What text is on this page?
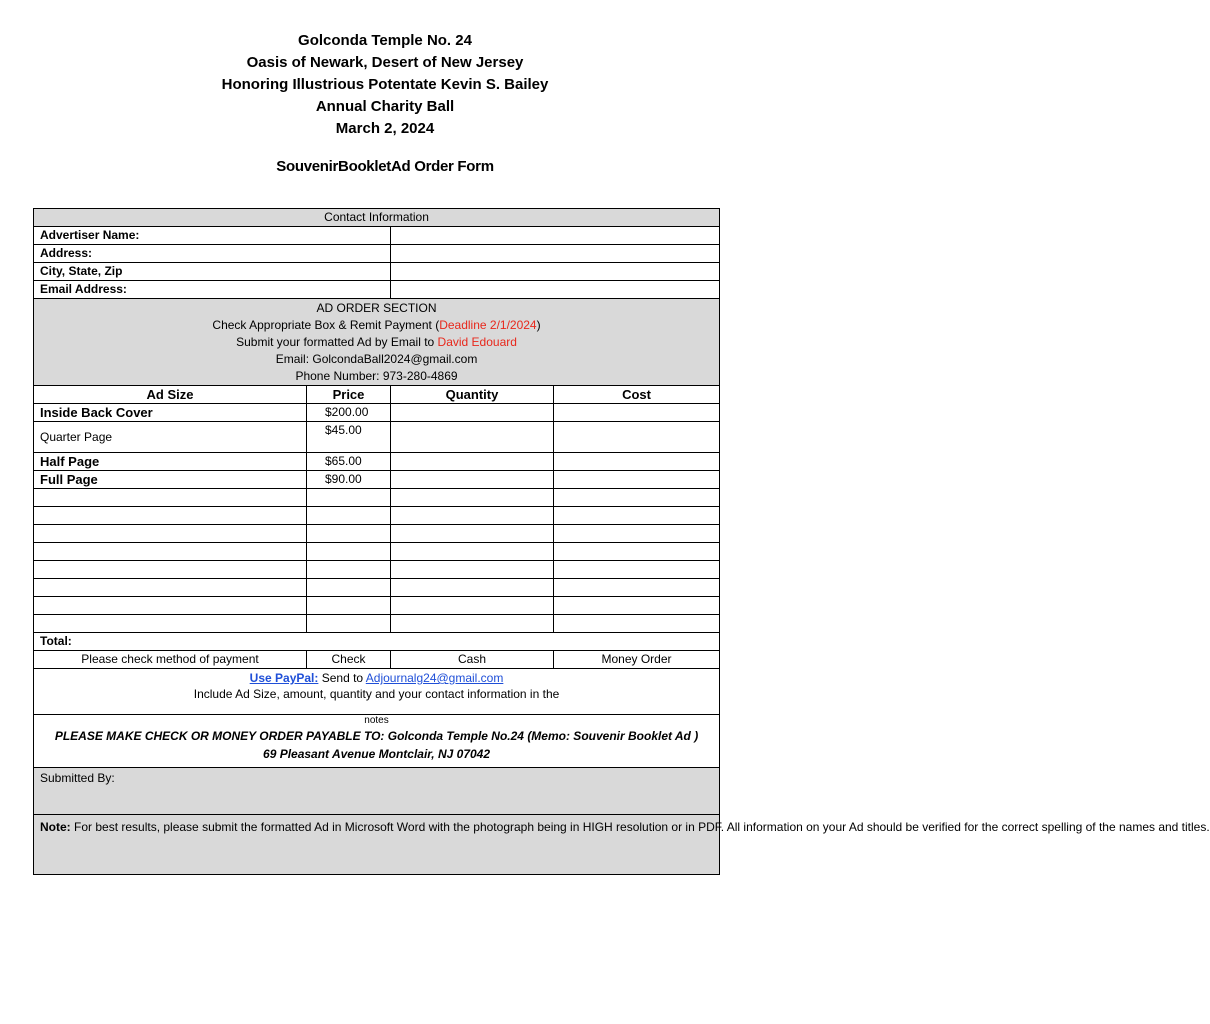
Golconda Temple No. 24
Oasis of Newark, Desert of New Jersey
Honoring Illustrious Potentate Kevin S. Bailey
Annual Charity Ball
March 2, 2024
SouvenirBookletAd Order Form
Contact Information			
Advertiser Name:			
Address:			
City, State, Zip			
Email Address:			

AD ORDER SECTION
Check Appropriate Box & Remit Payment (Deadline 2/1/2024)
Submit your formatted Ad by Email to David Edouard
Email: GolcondaBall2024@gmail.com
Phone Number: 973-280-4869			

Ad Size	Price	Quantity	Cost
Inside Back Cover	$200.00		
Quarter Page	$45.00		
Half Page	$65.00		
Full Page	$90.00		

Total:			
Please check method of payment	Check	Cash	Money Order

Use PayPal: Send to Adjournalg24@gmail.com
Include Ad Size, amount, quantity and your contact information in the			

notes
PLEASE MAKE CHECK OR MONEY ORDER PAYABLE TO: Golconda Temple No.24 (Memo: Souvenir Booklet Ad )
69 Pleasant Avenue Montclair, NJ 07042			

Submitted By:			
Note: For best results, please submit the formatted Ad in Microsoft Word with the photograph being in HIGH resolution or in PDF. All information on your Ad should be verified for the correct spelling of the names and titles.			
